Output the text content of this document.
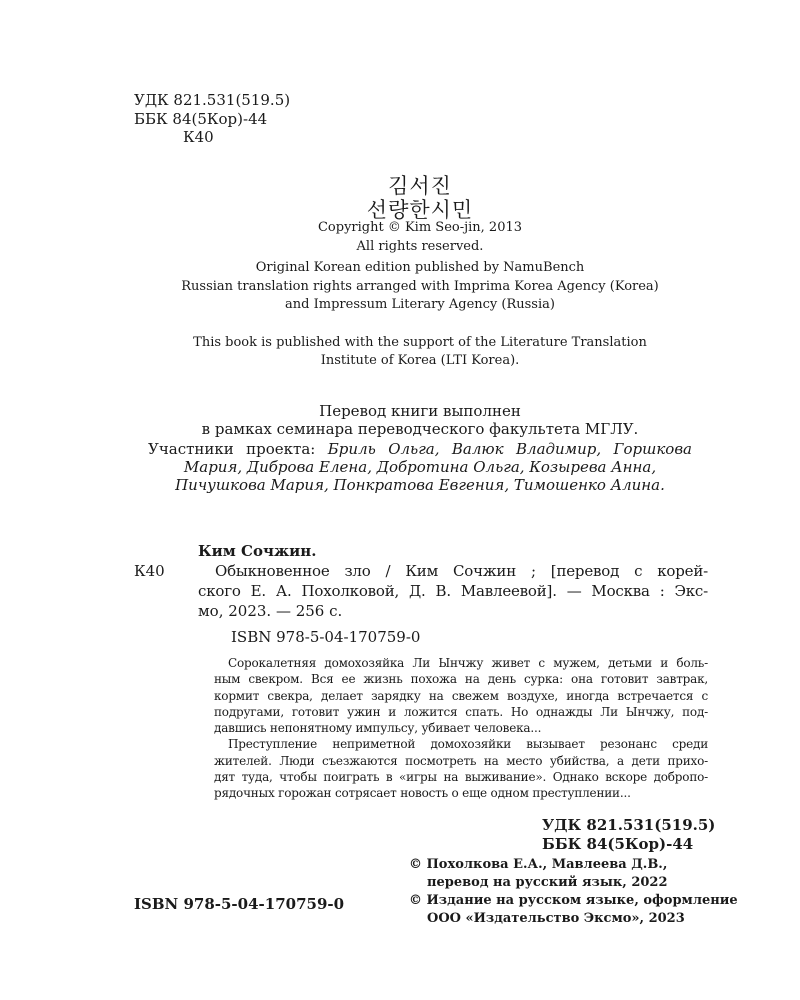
УДК 821.531(519.5)
ББК 84(5Кор)-44
К40
김서진
선량한시민
Copyright © Kim Seo-jin, 2013
All rights reserved.
Original Korean edition published by NamuBench
Russian translation rights arranged with Imprima Korea Agency (Korea)
and Impressum Literary Agency (Russia)
This book is published with the support of the Literature Translation
Institute of Korea (LTI Korea).
Перевод книги выполнен
в рамках семинара переводческого факультета МГЛУ.
Участники проекта: Бриль Ольга, Валюк Владимир, Горшкова
Мария, Диброва Елена, Добротина Ольга, Козырева Анна,
Пичушкова Мария, Понкратова Евгения, Тимошенко Алина.
Ким Сочжин.
К40	Обыкновенное зло / Ким Сочжин ; [перевод с корей-
ского Е. А. Похолковой, Д. В. Мавлеевой]. — Москва : Экс-
мо, 2023. — 256 с.
ISBN 978-5-04-170759-0
Сорокалетняя домохозяйка Ли Ынчжу живет с мужем, детьми и боль-
ным свекром. Вся ее жизнь похожа на день сурка: она готовит завтрак,
кормит свекра, делает зарядку на свежем воздухе, иногда встречается с
подругами, готовит ужин и ложится спать. Но однажды Ли Ынчжу, под-
давшись непонятному импульсу, убивает человека...
Преступление неприметной домохозяйки вызывает резонанс среди
жителей. Люди съезжаются посмотреть на место убийства, а дети прихо-
дят туда, чтобы поиграть в «игры на выживание». Однако вскоре добропо-
рядочных горожан сотрясает новость о еще одном преступлении...
УДК 821.531(519.5)
ББК 84(5Кор)-44
ISBN 978-5-04-170759-0
© Похолкова Е.А., Мавлеева Д.В.,
перевод на русский язык, 2022
© Издание на русском языке, оформление
ООО «Издательство Эксмо», 2023
